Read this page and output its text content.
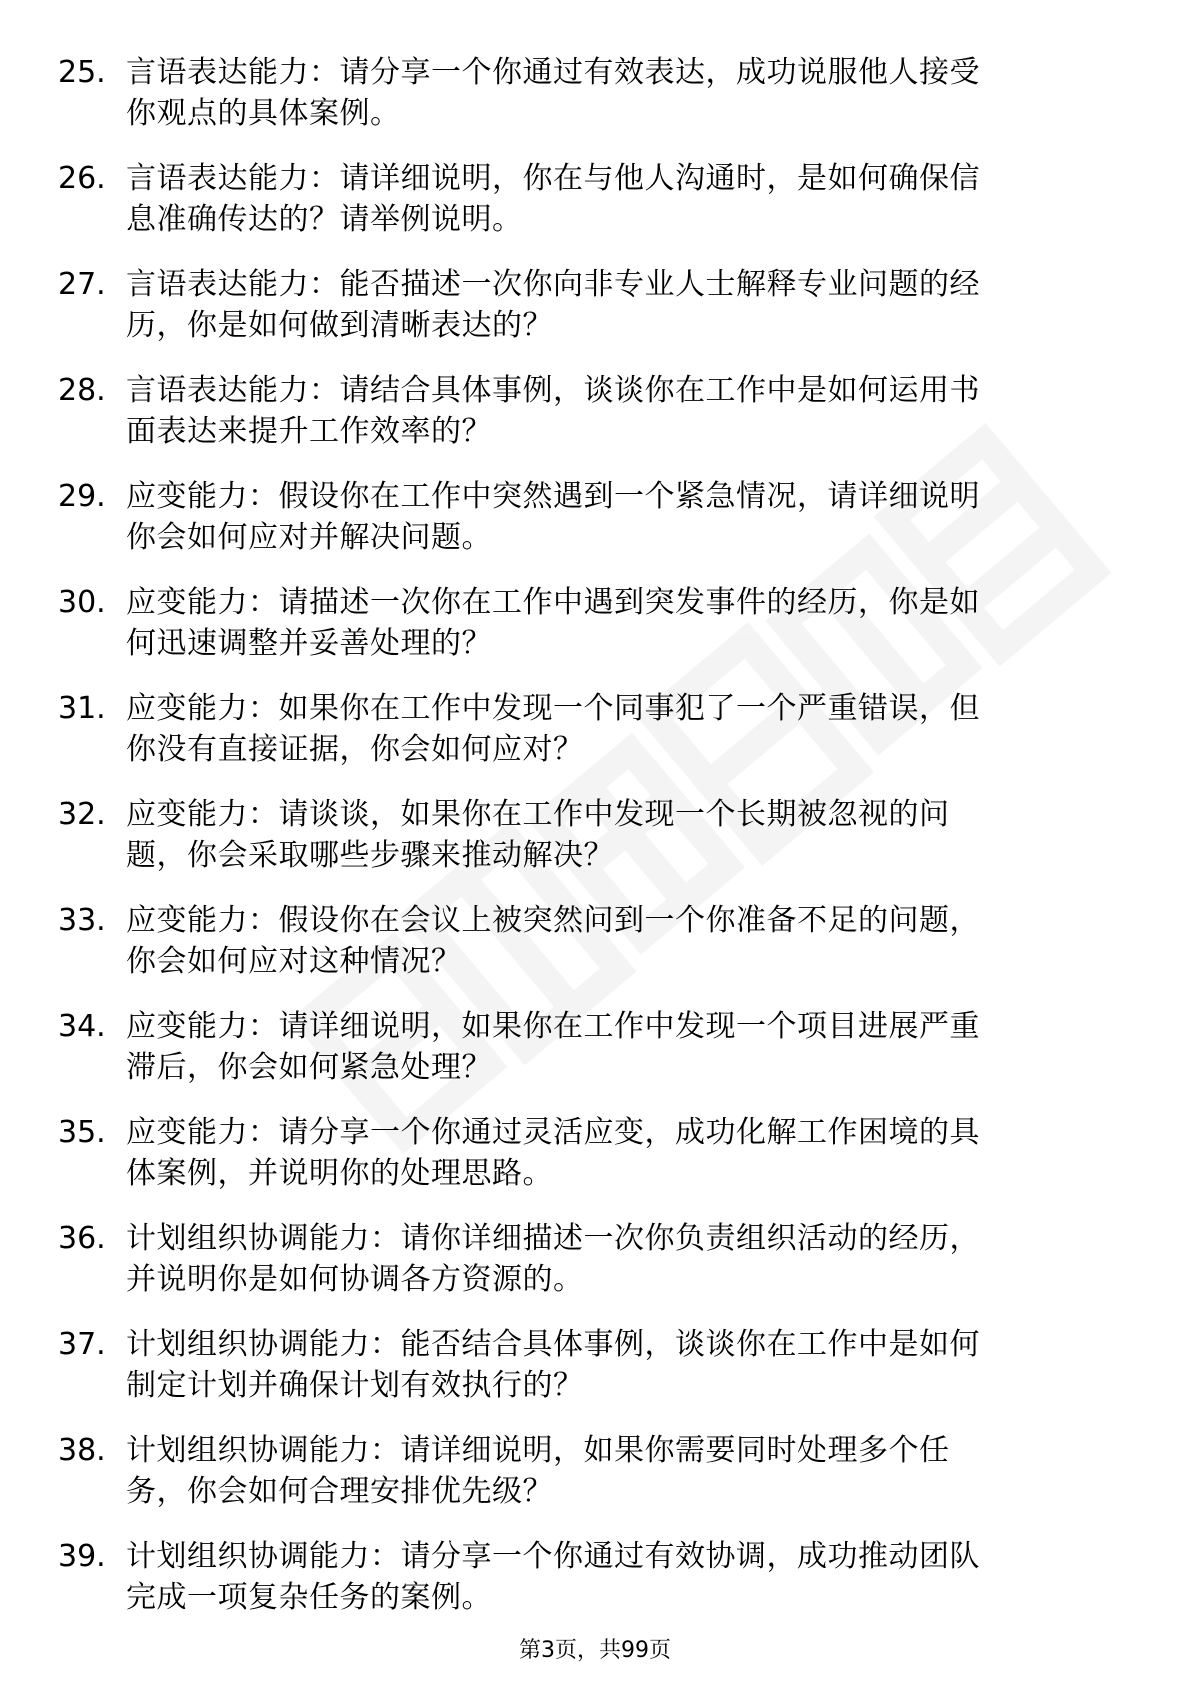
25. 言语表达能力：请分享一个你通过有效表达，成功说服他人接受
你观点的具体案例。
26. 言语表达能力：请详细说明，你在与他人沟通时，是如何确保信
息准确传达的？请举例说明。
27. 言语表达能力：能否描述一次你向非专业人士解释专业问题的经
历，你是如何做到清晰表达的？
28. 言语表达能力：请结合具体事例，谈谈你在工作中是如何运用书
面表达来提升工作效率的？
29. 应变能力：假设你在工作中突然遇到一个紧急情况，请详细说明
你会如何应对并解决问题。
30. 应变能力：请描述一次你在工作中遇到突发事件的经历，你是如
何迅速调整并妥善处理的？
31. 应变能力：如果你在工作中发现一个同事犯了一个严重错误，但
你没有直接证据，你会如何应对？
32. 应变能力：请谈谈，如果你在工作中发现一个长期被忽视的问
题，你会采取哪些步骤来推动解决？
33. 应变能力：假设你在会议上被突然问到一个你准备不足的问题，
你会如何应对这种情况？
34. 应变能力：请详细说明，如果你在工作中发现一个项目进展严重
滞后，你会如何紧急处理？
35. 应变能力：请分享一个你通过灵活应变，成功化解工作困境的具
体案例，并说明你的处理思路。
36. 计划组织协调能力：请你详细描述一次你负责组织活动的经历，
并说明你是如何协调各方资源的。
37. 计划组织协调能力：能否结合具体事例，谈谈你在工作中是如何
制定计划并确保计划有效执行的？
38. 计划组织协调能力：请详细说明，如果你需要同时处理多个任
务，你会如何合理安排优先级？
39. 计划组织协调能力：请分享一个你通过有效协调，成功推动团队
完成一项复杂任务的案例。
第3页，共99页
